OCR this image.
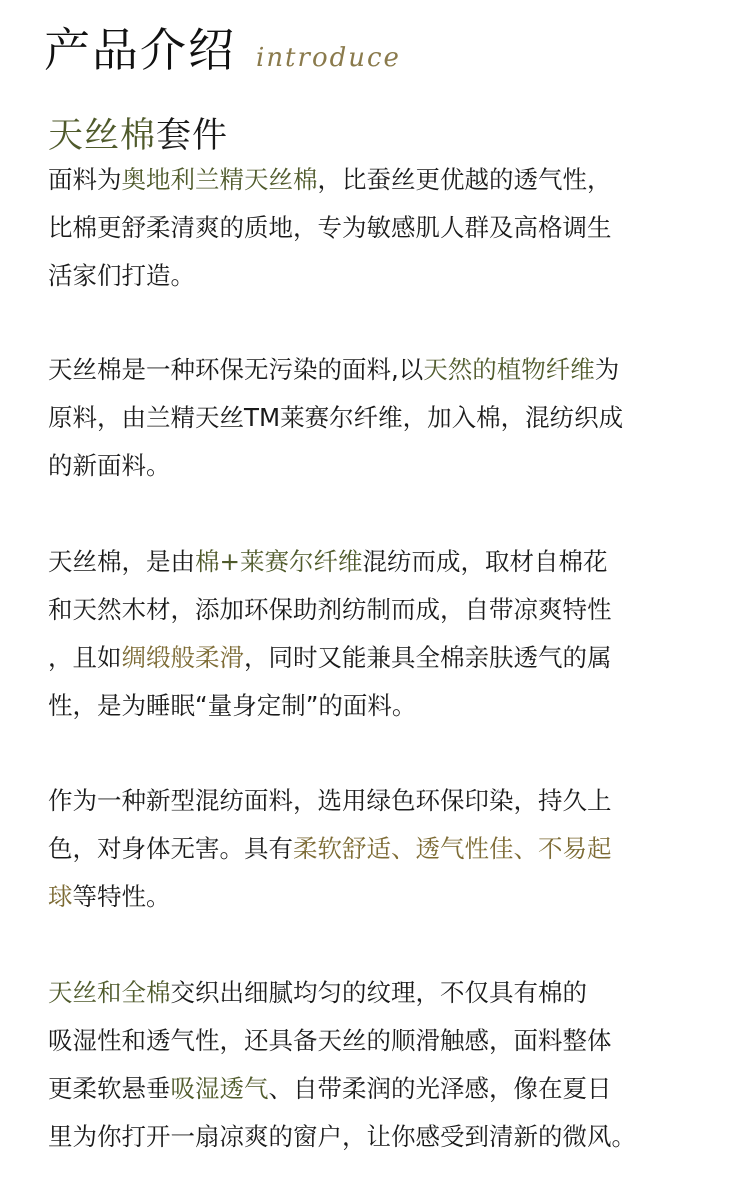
产品介绍 introduce
天丝棉套件

面料为奥地利兰精天丝棉，比蚕丝更优越的透气性，
比棉更舒柔清爽的质地，专为敏感肌人群及高格调生
活家们打造。

天丝棉是一种环保无污染的面料,以天然的植物纤维为
原料，由兰精天丝TM莱赛尔纤维，加入棉，混纺织成
的新面料。

天丝棉，是由棉+莱赛尔纤维混纺而成，取材自棉花
和天然木材，添加环保助剂纺制而成，自带凉爽特性
，且如绸缎般柔滑，同时又能兼具全棉亲肤透气的属
性，是为睡眠“量身定制”的面料。

作为一种新型混纺面料，选用绿色环保印染，持久上
色，对身体无害。具有柔软舒适、透气性佳、不易起
球等特性。

天丝和全棉交织出细腻均匀的纹理，不仅具有棉的
吸湿性和透气性，还具备天丝的顺滑触感，面料整体
更柔软悬垂吸湿透气、自带柔润的光泽感，像在夏日
里为你打开一扇凉爽的窗户，让你感受到清新的微风。
